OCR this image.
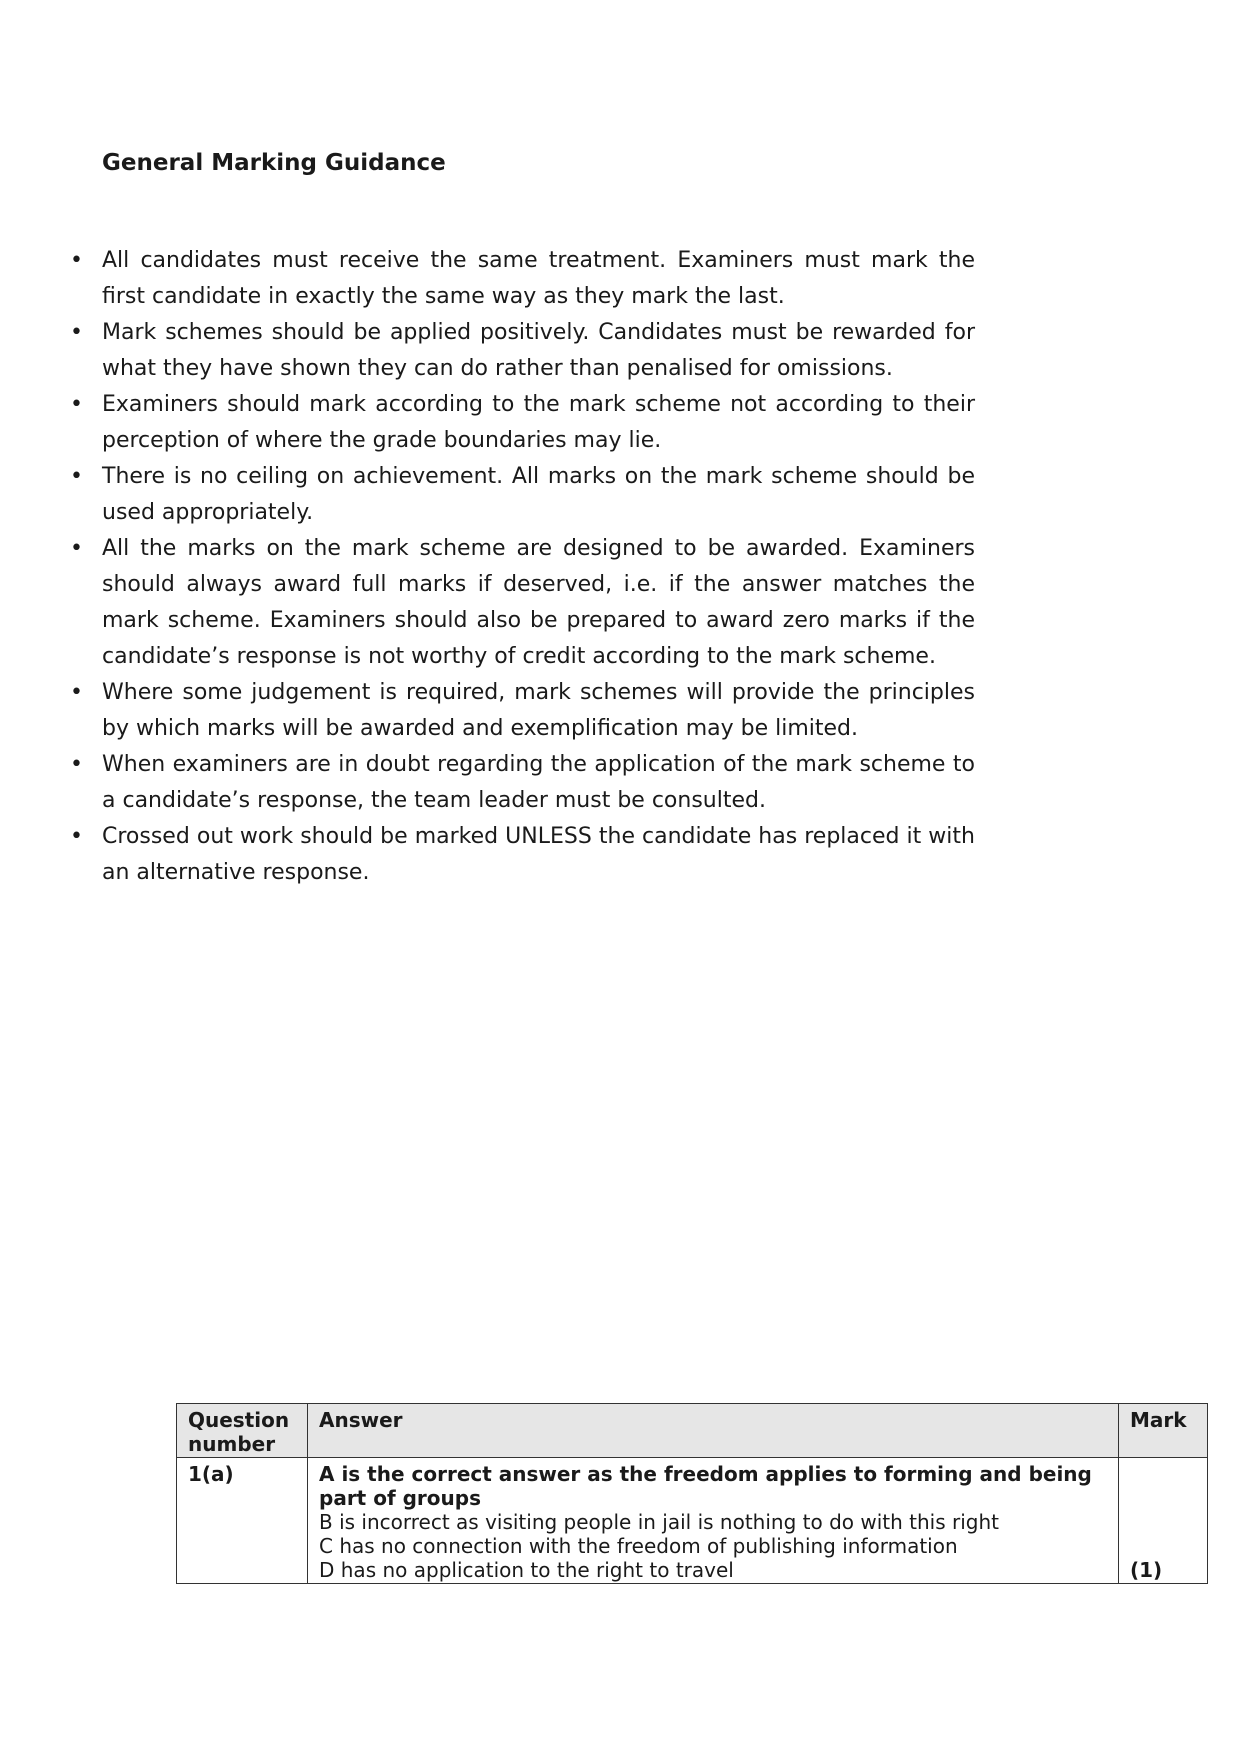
General Marking Guidance
• All candidates must receive the same treatment. Examiners must mark the first candidate in exactly the same way as they mark the last.
• Mark schemes should be applied positively. Candidates must be rewarded for what they have shown they can do rather than penalised for omissions.
• Examiners should mark according to the mark scheme not according to their perception of where the grade boundaries may lie.
• There is no ceiling on achievement. All marks on the mark scheme should be used appropriately.
• All the marks on the mark scheme are designed to be awarded. Examiners should always award full marks if deserved, i.e. if the answer matches the mark scheme. Examiners should also be prepared to award zero marks if the candidate’s response is not worthy of credit according to the mark scheme.
• Where some judgement is required, mark schemes will provide the principles by which marks will be awarded and exemplification may be limited.
• When examiners are in doubt regarding the application of the mark scheme to a candidate’s response, the team leader must be consulted.
• Crossed out work should be marked UNLESS the candidate has replaced it with an alternative response.
Question number	Answer	Mark
1(a)	A is the correct answer as the freedom applies to forming and being part of groups
B is incorrect as visiting people in jail is nothing to do with this right
C has no connection with the freedom of publishing information
D has no application to the right to travel	(1)
